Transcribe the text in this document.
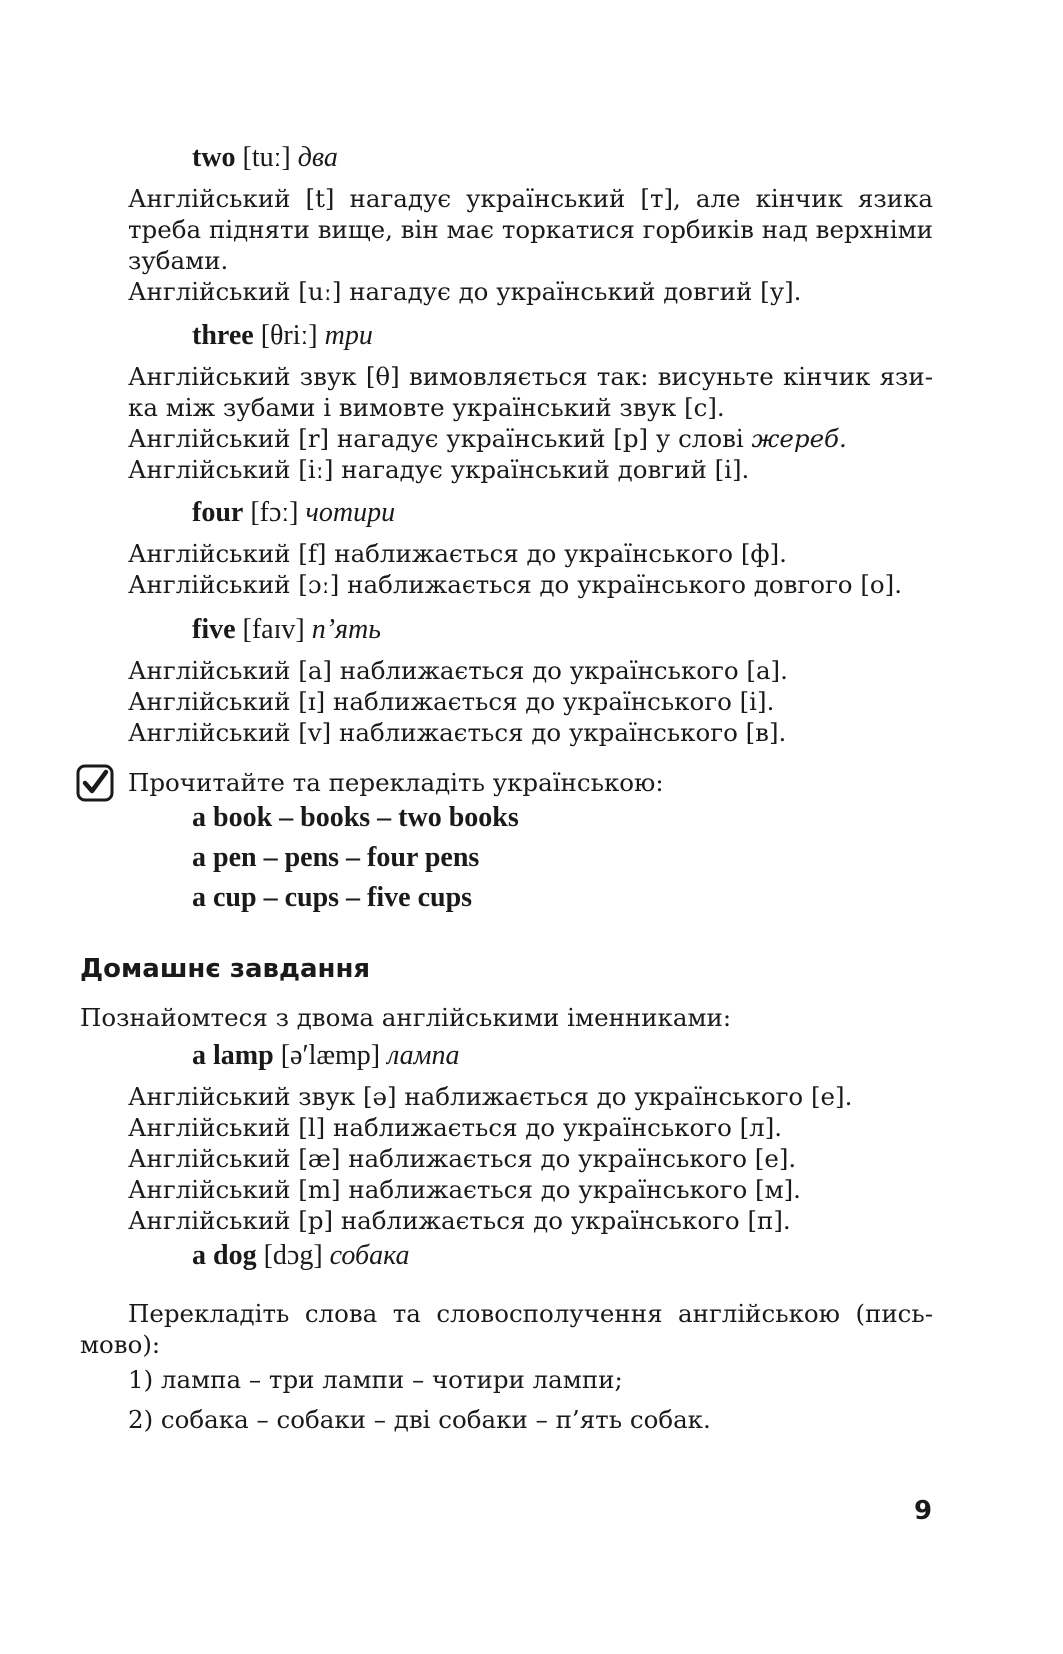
two [tuː] два
Англійський [t] нагадує український [т], але кінчик язика
треба підняти вище, він має торкатися горбиків над верхніми
зубами.
Англійський [uː] нагадує до український довгий [у].
three [θriː] три
Англійський звук [θ] вимовляється так: висуньте кінчик язи-
ка між зубами і вимовте український звук [с].
Англійський [r] нагадує український [р] у слові жереб.
Англійський [iː] нагадує український довгий [і].
four [fɔː] чотири
Англійський [f] наближається до українського [ф].
Англійський [ɔː] наближається до українського довгого [о].
five [faɪv] п’ять
Англійський [a] наближається до українського [а].
Англійський [ɪ] наближається до українського [і].
Англійський [v] наближається до українського [в].
Прочитайте та перекладіть українською:
a book – books – two books
a pen – pens – four pens
a cup – cups – five cups
Домашнє завдання
Познайомтеся з двома англійськими іменниками:
a lamp [ə′læmp] лампа
Англійський звук [ə] наближається до українського [е].
Англійський [l] наближається до українського [л].
Англійський [æ] наближається до українського [е].
Англійський [m] наближається до українського [м].
Англійський [p] наближається до українського [п].
a dog [dɔg] собака
Перекладіть слова та словосполучення англійською (пись-
мово):
1) лампа – три лампи – чотири лампи;
2) собака – собаки – дві собаки – п’ять собак.
9
